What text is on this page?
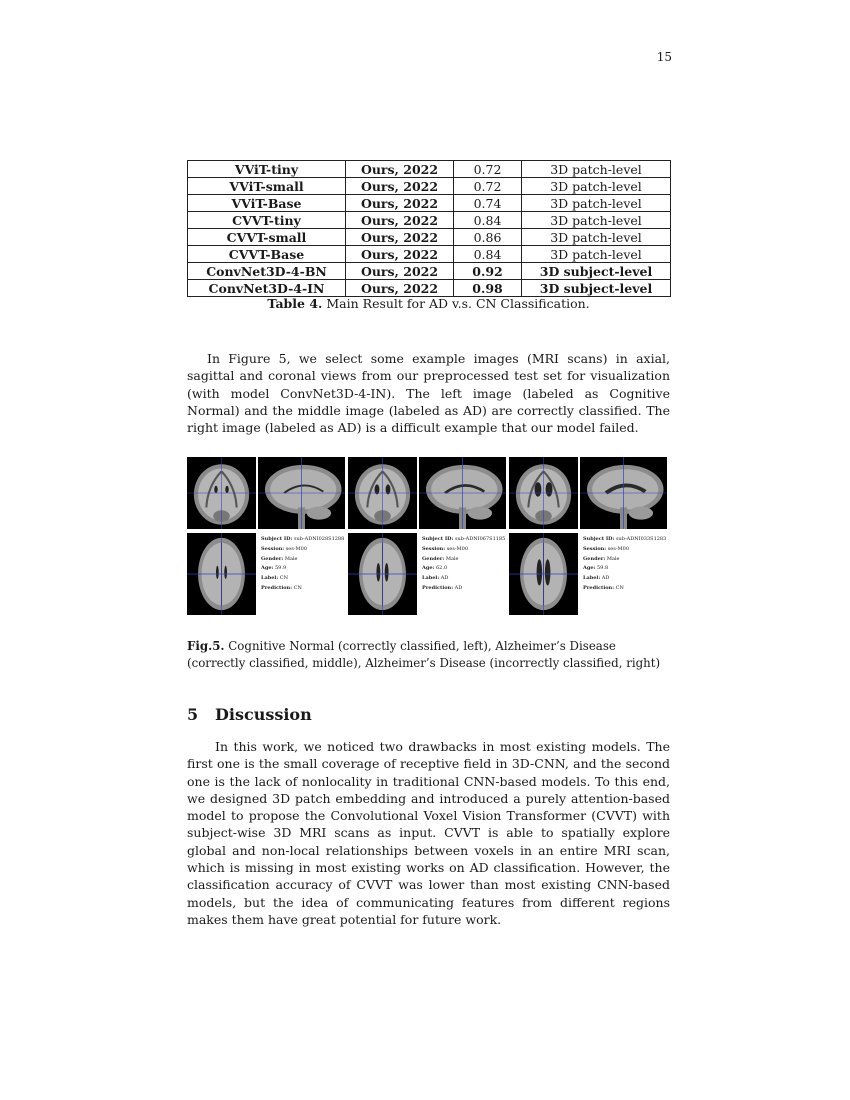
15
VViT-tiny	Ours, 2022	0.72	3D patch-level
VViT-small	Ours, 2022	0.72	3D patch-level
VViT-Base	Ours, 2022	0.74	3D patch-level
CVVT-tiny	Ours, 2022	0.84	3D patch-level
CVVT-small	Ours, 2022	0.86	3D patch-level
CVVT-Base	Ours, 2022	0.84	3D patch-level
ConvNet3D-4-BN	Ours, 2022	0.92	3D subject-level
ConvNet3D-4-IN	Ours, 2022	0.98	3D subject-level
Table 4. Main Result for AD v.s. CN Classification.
In Figure 5, we select some example images (MRI scans) in axial, sagittal and coronal views from our preprocessed test set for visualization (with model ConvNet3D-4-IN). The left image (labeled as Cognitive Normal) and the middle image (labeled as AD) are correctly classified. The right image (labeled as AD) is a difficult example that our model failed.
Subject ID: sub-ADNI028S1288
Session: ses-M00
Gender: Male
Age: 59.9
Label: CN
Prediction: CN
Subject ID: sub-ADNI067S1185
Session: ses-M00
Gender: Male
Age: 62.0
Label: AD
Prediction: AD
Subject ID: sub-ADNI033S1283
Session: ses-M00
Gender: Male
Age: 59.8
Label: AD
Prediction: CN
Fig.5. Cognitive Normal (correctly classified, left), Alzheimer’s Disease (correctly classified, middle), Alzheimer’s Disease (incorrectly classified, right)
5 Discussion
In this work, we noticed two drawbacks in most existing models. The first one is the small coverage of receptive field in 3D-CNN, and the second one is the lack of nonlocality in traditional CNN-based models. To this end, we designed 3D patch embedding and introduced a purely attention-based model to propose the Convolutional Voxel Vision Transformer (CVVT) with subject-wise 3D MRI scans as input. CVVT is able to spatially explore global and non-local relationships between voxels in an entire MRI scan, which is missing in most existing works on AD classification. However, the classification accuracy of CVVT was lower than most existing CNN-based models, but the idea of communicating features from different regions makes them have great potential for future work.
